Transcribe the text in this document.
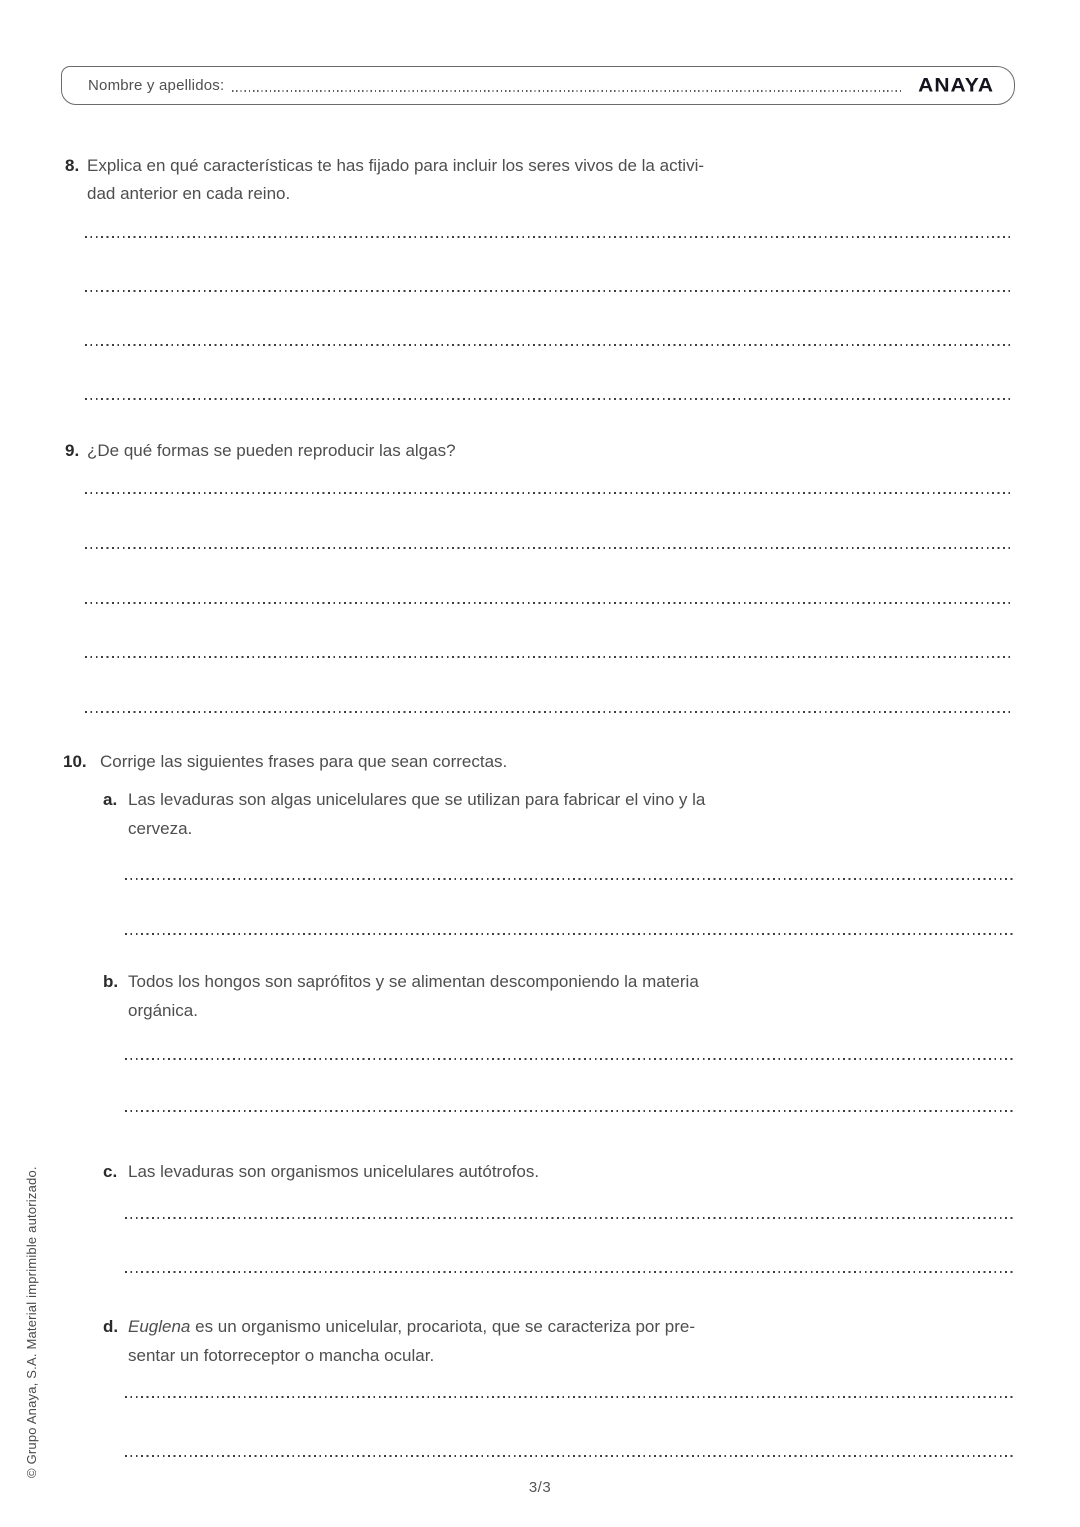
© Grupo Anaya, S.A. Material imprimible autorizado.
Nombre y apellidos:	ANAYA
8. Explica en qué características te has fijado para incluir los seres vivos de la activi-
dad anterior en cada reino.
9. ¿De qué formas se pueden reproducir las algas?
10. Corrige las siguientes frases para que sean correctas.
a. Las levaduras son algas unicelulares que se utilizan para fabricar el vino y la
cerveza.
b. Todos los hongos son saprófitos y se alimentan descomponiendo la materia
orgánica.
c. Las levaduras son organismos unicelulares autótrofos.
d. Euglena es un organismo unicelular, procariota, que se caracteriza por pre-
sentar un fotorreceptor o mancha ocular.
3/3
